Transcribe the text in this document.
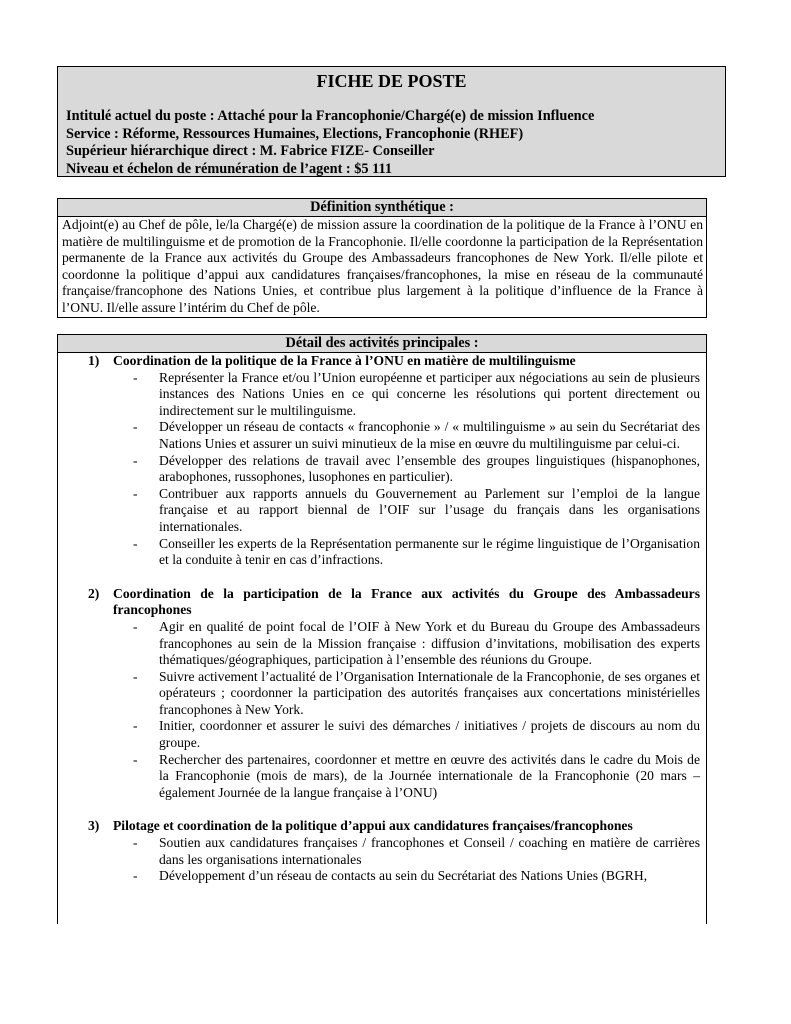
FICHE DE POSTE
Intitulé actuel du poste : Attaché pour la Francophonie/Chargé(e) de mission Influence
Service : Réforme, Ressources Humaines, Elections, Francophonie (RHEF)
Supérieur hiérarchique direct : M. Fabrice FIZE- Conseiller
Niveau et échelon de rémunération de l’agent : $5 111
Définition synthétique :
Adjoint(e) au Chef de pôle, le/la Chargé(e) de mission assure la coordination de la politique de la France à l’ONU en matière de multilinguisme et de promotion de la Francophonie. Il/elle coordonne la participation de la Représentation permanente de la France aux activités du Groupe des Ambassadeurs francophones de New York. Il/elle pilote et coordonne la politique d’appui aux candidatures françaises/francophones, la mise en réseau de la communauté française/francophone des Nations Unies, et contribue plus largement à la politique d’influence de la France à l’ONU. Il/elle assure l’intérim du Chef de pôle.
Détail des activités principales :
1) Coordination de la politique de la France à l’ONU en matière de multilinguisme
- Représenter la France et/ou l’Union européenne et participer aux négociations au sein de plusieurs instances des Nations Unies en ce qui concerne les résolutions qui portent directement ou indirectement sur le multilinguisme.
- Développer un réseau de contacts « francophonie » / « multilinguisme » au sein du Secrétariat des Nations Unies et assurer un suivi minutieux de la mise en œuvre du multilinguisme par celui-ci.
- Développer des relations de travail avec l’ensemble des groupes linguistiques (hispanophones, arabophones, russophones, lusophones en particulier).
- Contribuer aux rapports annuels du Gouvernement au Parlement sur l’emploi de la langue française et au rapport biennal de l’OIF sur l’usage du français dans les organisations internationales.
- Conseiller les experts de la Représentation permanente sur le régime linguistique de l’Organisation et la conduite à tenir en cas d’infractions.
2) Coordination de la participation de la France aux activités du Groupe des Ambassadeurs francophones
- Agir en qualité de point focal de l’OIF à New York et du Bureau du Groupe des Ambassadeurs francophones au sein de la Mission française : diffusion d’invitations, mobilisation des experts thématiques/géographiques, participation à l’ensemble des réunions du Groupe.
- Suivre activement l’actualité de l’Organisation Internationale de la Francophonie, de ses organes et opérateurs ; coordonner la participation des autorités françaises aux concertations ministérielles francophones à New York.
- Initier, coordonner et assurer le suivi des démarches / initiatives / projets de discours au nom du groupe.
- Rechercher des partenaires, coordonner et mettre en œuvre des activités dans le cadre du Mois de la Francophonie (mois de mars), de la Journée internationale de la Francophonie (20 mars – également Journée de la langue française à l’ONU)
3) Pilotage et coordination de la politique d’appui aux candidatures françaises/francophones
- Soutien aux candidatures françaises / francophones et Conseil / coaching en matière de carrières dans les organisations internationales
- Développement d’un réseau de contacts au sein du Secrétariat des Nations Unies (BGRH,
